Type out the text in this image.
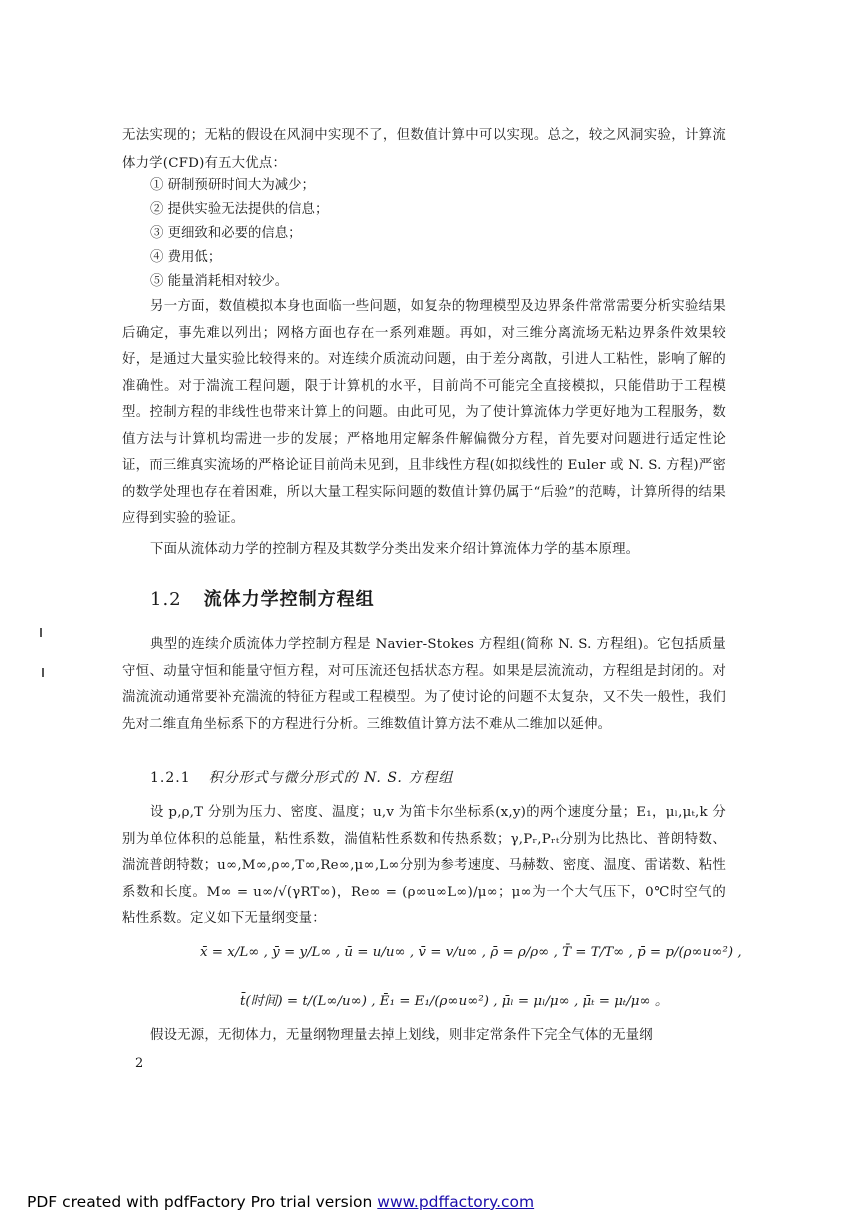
无法实现的；无粘的假设在风洞中实现不了，但数值计算中可以实现。总之，较之风洞实验，计算流体力学(CFD)有五大优点：
① 研制预研时间大为减少；
② 提供实验无法提供的信息；
③ 更细致和必要的信息；
④ 费用低；
⑤ 能量消耗相对较少。
另一方面，数值模拟本身也面临一些问题，如复杂的物理模型及边界条件常常需要分析实验结果后确定，事先难以列出；网格方面也存在一系列难题。再如，对三维分离流场无粘边界条件效果较好，是通过大量实验比较得来的。对连续介质流动问题，由于差分离散，引进人工粘性，影响了解的准确性。对于湍流工程问题，限于计算机的水平，目前尚不可能完全直接模拟，只能借助于工程模型。控制方程的非线性也带来计算上的问题。由此可见，为了使计算流体力学更好地为工程服务，数值方法与计算机均需进一步的发展；严格地用定解条件解偏微分方程，首先要对问题进行适定性论证，而三维真实流场的严格论证目前尚未见到，且非线性方程(如拟线性的 Euler 或 N. S. 方程)严密的数学处理也存在着困难，所以大量工程实际问题的数值计算仍属于“后验”的范畴，计算所得的结果应得到实验的验证。
下面从流体动力学的控制方程及其数学分类出发来介绍计算流体力学的基本原理。
1.2 流体力学控制方程组
典型的连续介质流体力学控制方程是 Navier-Stokes 方程组(简称 N. S. 方程组)。它包括质量守恒、动量守恒和能量守恒方程，对可压流还包括状态方程。如果是层流流动，方程组是封闭的。对湍流流动通常要补充湍流的特征方程或工程模型。为了使讨论的问题不太复杂，又不失一般性，我们先对二维直角坐标系下的方程进行分析。三维数值计算方法不难从二维加以延伸。
1.2.1 积分形式与微分形式的 N. S. 方程组
设 p,ρ,T 分别为压力、密度、温度；u,v 为笛卡尔坐标系(x,y)的两个速度分量；E₁，μₗ,μₜ,k 分别为单位体积的总能量，粘性系数，湍值粘性系数和传热系数；γ,Pᵣ,Pᵣₜ分别为比热比、普朗特数、湍流普朗特数；u∞,M∞,ρ∞,T∞,Re∞,μ∞,L∞分别为参考速度、马赫数、密度、温度、雷诺数、粘性系数和长度。M∞ = u∞/√(γRT∞)，Re∞ = (ρ∞u∞L∞)/μ∞；μ∞为一个大气压下，0℃时空气的粘性系数。定义如下无量纲变量：
x̄ = x/L∞ , ȳ = y/L∞ , ū = u/u∞ , v̄ = v/u∞ , ρ̄ = ρ/ρ∞ , T̄ = T/T∞ , p̄ = p/(ρ∞u∞²) ,
t̄(时间) = t/(L∞/u∞) , Ē₁ = E₁/(ρ∞u∞²) , μ̄ₗ = μₗ/μ∞ , μ̄ₜ = μₜ/μ∞ 。
假设无源，无彻体力，无量纲物理量去掉上划线，则非定常条件下完全气体的无量纲
2
PDF created with pdfFactory Pro trial version www.pdffactory.com
